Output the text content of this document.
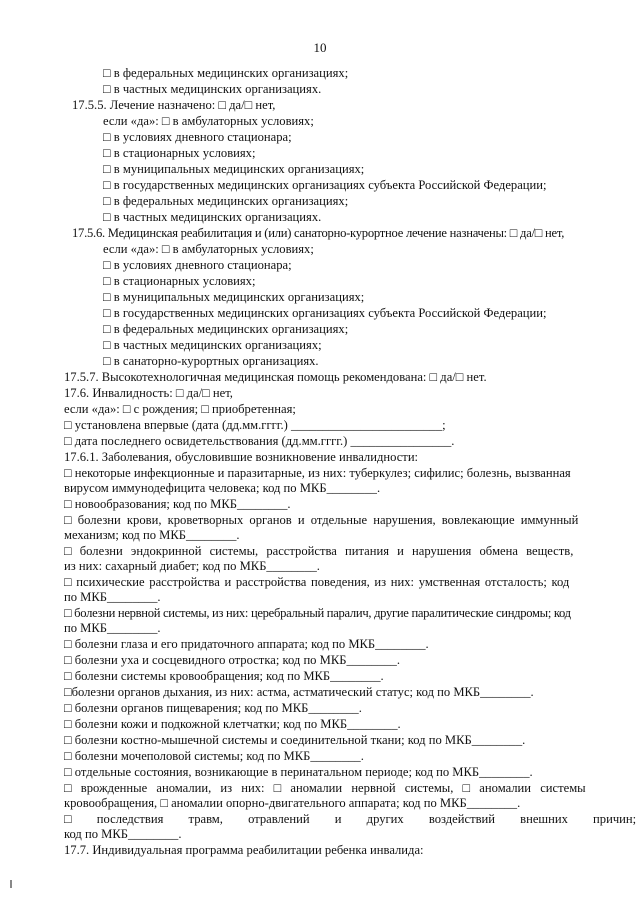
10
□ в федеральных медицинских организациях;
□ в частных медицинских организациях.
17.5.5. Лечение назначено: □ да/□ нет,
если «да»: □ в амбулаторных условиях;
□ в условиях дневного стационара;
□ в стационарных условиях;
□ в муниципальных медицинских организациях;
□ в государственных медицинских организациях субъекта Российской Федерации;
□ в федеральных медицинских организациях;
□ в частных медицинских организациях.
17.5.6. Медицинская реабилитация и (или) санаторно-курортное лечение назначены: □ да/□ нет,
если «да»: □ в амбулаторных условиях;
□ в условиях дневного стационара;
□ в стационарных условиях;
□ в муниципальных медицинских организациях;
□ в государственных медицинских организациях субъекта Российской Федерации;
□ в федеральных медицинских организациях;
□ в частных медицинских организациях;
□ в санаторно-курортных организациях.
17.5.7. Высокотехнологичная медицинская помощь рекомендована: □ да/□ нет.
17.6. Инвалидность: □ да/□ нет,
если «да»: □ с рождения; □ приобретенная;
□ установлена впервые (дата (дд.мм.гггг.) ________________________;
□ дата последнего освидетельствования (дд.мм.гггг.) ________________.
17.6.1. Заболевания, обусловившие возникновение инвалидности:
□ некоторые инфекционные и паразитарные, из них: туберкулез; сифилис; болезнь, вызванная
вирусом иммунодефицита человека; код по МКБ________.
□ новообразования; код по МКБ________.
□ болезни крови, кроветворных органов и отдельные нарушения, вовлекающие иммунный
механизм; код по МКБ________.
□ болезни эндокринной системы, расстройства питания и нарушения обмена веществ,
из них: сахарный диабет; код по МКБ________.
□ психические расстройства и расстройства поведения, из них: умственная отсталость; код
по МКБ________.
□ болезни нервной системы, из них: церебральный паралич, другие паралитические синдромы; код
по МКБ________.
□ болезни глаза и его придаточного аппарата; код по МКБ________.
□ болезни уха и сосцевидного отростка; код по МКБ________.
□ болезни системы кровообращения; код по МКБ________.
□болезни органов дыхания, из них: астма, астматический статус; код по МКБ________.
□ болезни органов пищеварения; код по МКБ________.
□ болезни кожи и подкожной клетчатки; код по МКБ________.
□ болезни костно-мышечной системы и соединительной ткани; код по МКБ________.
□ болезни мочеполовой системы; код по МКБ________.
□ отдельные состояния, возникающие в перинатальном периоде; код по МКБ________.
□ врожденные аномалии, из них: □ аномалии нервной системы, □ аномалии системы
кровообращения, □ аномалии опорно-двигательного аппарата; код по МКБ________.
□ последствия травм, отравлений и других воздействий внешних причин;
код по МКБ________.
17.7. Индивидуальная программа реабилитации ребенка инвалида:
